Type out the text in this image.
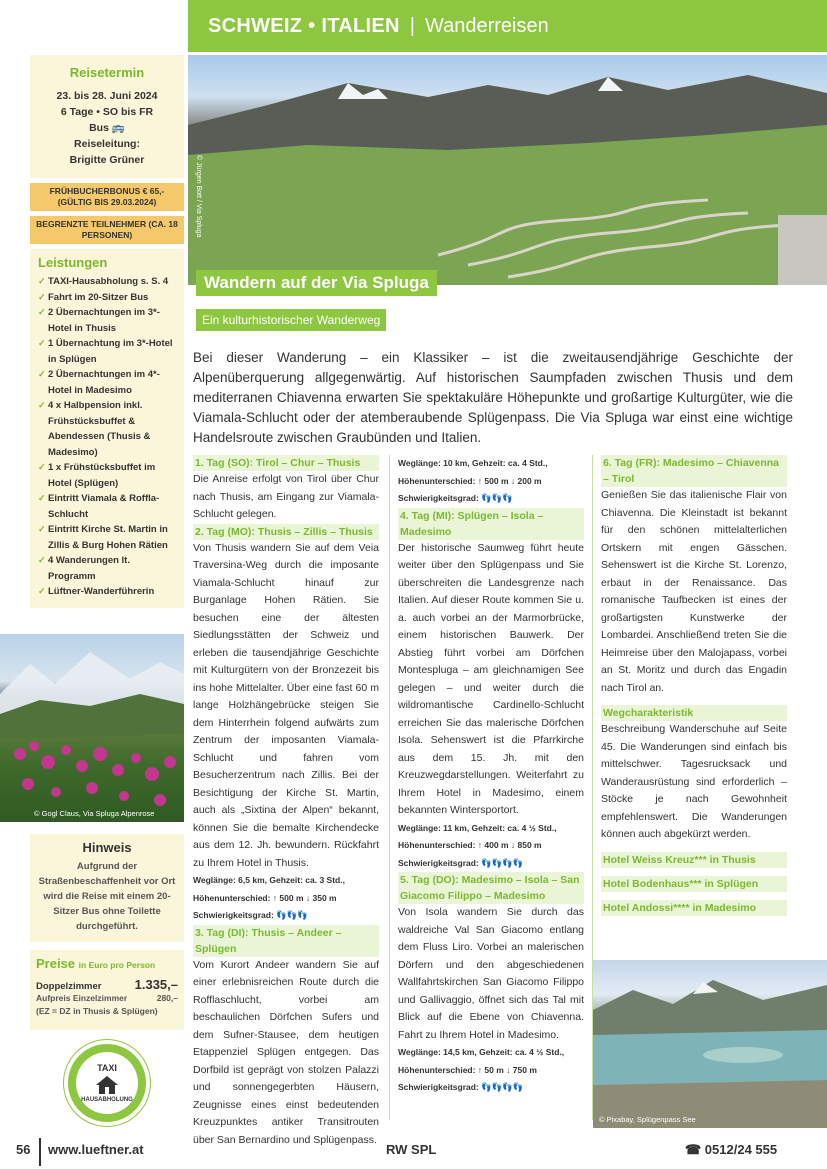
SCHWEIZ • ITALIEN | Wanderreisen
Reisetermin
23. bis 28. Juni 2024
6 Tage • SO bis FR
Bus 🚌
Reiseleitung:
Brigitte Grüner
FRÜHBUCHERBONUS € 65,- (GÜLTIG BIS 29.03.2024)
BEGRENZTE TEILNEHMER (CA. 18 PERSONEN)
Leistungen
✓ TAXI-Hausabholung s. S. 4
✓ Fahrt im 20-Sitzer Bus
✓ 2 Übernachtungen im 3*-Hotel in Thusis
✓ 1 Übernachtung im 3*-Hotel in Splügen
✓ 2 Übernachtungen im 4*-Hotel in Madesimo
✓ 4 x Halbpension inkl. Frühstücksbuffet & Abendessen (Thusis & Madesimo)
✓ 1 x Frühstücksbuffet im Hotel (Splügen)
✓ Eintritt Viamala & Roffla-Schlucht
✓ Eintritt Kirche St. Martin in Zillis & Burg Hohen Rätien
✓ 4 Wanderungen lt. Programm
✓ Lüftner-Wanderführerin
© Gogl Claus, Via Spluga Alpenrose
Hinweis
Aufgrund der Straßenbeschaffenheit vor Ort wird die Reise mit einem 20-Sitzer Bus ohne Toilette durchgeführt.
Preise in Euro pro Person
Doppelzimmer	1.335,–
Aufpreis Einzelzimmer	280,–
(EZ = DZ in Thusis & Splügen)
TAXI
HAUSABHOLUNG
© Jürgen Bott / Via Spluga
Wandern auf der Via Spluga
Ein kulturhistorischer Wanderweg
Bei dieser Wanderung – ein Klassiker – ist die zweitausendjährige Geschichte der Alpenüberquerung allgegenwärtig. Auf historischen Saumpfaden zwischen Thusis und dem mediterranen Chiavenna erwarten Sie spektakuläre Höhepunkte und großartige Kulturgüter, wie die Viamala-Schlucht oder der atemberaubende Splügenpass. Die Via Spluga war einst eine wichtige Handelsroute zwischen Graubünden und Italien.
1. Tag (SO): Tirol – Chur – Thusis
Die Anreise erfolgt von Tirol über Chur nach Thusis, am Eingang zur Viamala-Schlucht gelegen.
2. Tag (MO): Thusis – Zillis – Thusis
Von Thusis wandern Sie auf dem Veia Traversina-Weg durch die imposante Viamala-Schlucht hinauf zur Burganlage Hohen Rätien. Sie besuchen eine der ältesten Siedlungsstätten der Schweiz und erleben die tausendjährige Geschichte mit Kulturgütern von der Bronzezeit bis ins hohe Mittelalter. Über eine fast 60 m lange Holzhängebrücke steigen Sie dem Hinterrhein folgend aufwärts zum Zentrum der imposanten Viamala-Schlucht und fahren vom Besucherzentrum nach Zillis. Bei der Besichtigung der Kirche St. Martin, auch als „Sixtina der Alpen“ bekannt, können Sie die bemalte Kirchendecke aus dem 12. Jh. bewundern. Rückfahrt zu Ihrem Hotel in Thusis.
Weglänge: 6,5 km, Gehzeit: ca. 3 Std.,
Höhenunterschied: ↑ 500 m ↓ 350 m
Schwierigkeitsgrad: 👣👣👣
3. Tag (DI): Thusis – Andeer – Splügen
Vom Kurort Andeer wandern Sie auf einer erlebnisreichen Route durch die Rofflaschlucht, vorbei am beschaulichen Dörfchen Sufers und dem Sufner-Stausee, dem heutigen Etappenziel Splügen entgegen. Das Dorfbild ist geprägt von stolzen Palazzi und sonnengegerbten Häusern, Zeugnisse eines einst bedeutenden Kreuzpunktes antiker Transitrouten über San Bernardino und Splügenpass.
Weglänge: 10 km, Gehzeit: ca. 4 Std.,
Höhenunterschied: ↑ 500 m ↓ 200 m
Schwierigkeitsgrad: 👣👣👣
4. Tag (MI): Splügen – Isola – Madesimo
Der historische Saumweg führt heute weiter über den Splügenpass und Sie überschreiten die Landesgrenze nach Italien. Auf dieser Route kommen Sie u. a. auch vorbei an der Marmorbrücke, einem historischen Bauwerk. Der Abstieg führt vorbei am Dörfchen Montespluga – am gleichnamigen See gelegen – und weiter durch die wildromantische Cardinello-Schlucht erreichen Sie das malerische Dörfchen Isola. Sehenswert ist die Pfarrkirche aus dem 15. Jh. mit den Kreuzwegdarstellungen. Weiterfahrt zu Ihrem Hotel in Madesimo, einem bekannten Wintersportort.
Weglänge: 11 km, Gehzeit: ca. 4 ½ Std.,
Höhenunterschied: ↑ 400 m ↓ 850 m
Schwierigkeitsgrad: 👣👣👣👣
5. Tag (DO): Madesimo – Isola – San Giacomo Filippo – Madesimo
Von Isola wandern Sie durch das waldreiche Val San Giacomo entlang dem Fluss Liro. Vorbei an malerischen Dörfern und den abgeschiedenen Wallfahrtskirchen San Giacomo Filippo und Gallivaggio, öffnet sich das Tal mit Blick auf die Ebene von Chiavenna. Fahrt zu Ihrem Hotel in Madesimo.
Weglänge: 14,5 km, Gehzeit: ca. 4 ½ Std.,
Höhenunterschied: ↑ 50 m ↓ 750 m
Schwierigkeitsgrad: 👣👣👣👣
6. Tag (FR): Madesimo – Chiavenna – Tirol
Genießen Sie das italienische Flair von Chiavenna. Die Kleinstadt ist bekannt für den schönen mittelalterlichen Ortskern mit engen Gässchen. Sehenswert ist die Kirche St. Lorenzo, erbaut in der Renaissance. Das romanische Taufbecken ist eines der großartigsten Kunstwerke der Lombardei. Anschließend treten Sie die Heimreise über den Malojapass, vorbei an St. Moritz und durch das Engadin nach Tirol an.
Wegcharakteristik
Beschreibung Wanderschuhe auf Seite 45. Die Wanderungen sind einfach bis mittelschwer. Tagesrucksack und Wanderausrüstung sind erforderlich – Stöcke je nach Gewohnheit empfehlenswert. Die Wanderungen können auch abgekürzt werden.
Hotel Weiss Kreuz*** in Thusis
Hotel Bodenhaus*** in Splügen
Hotel Andossi**** in Madesimo
© Pixabay, Splügenpass See
56 www.lueftner.at	RW SPL	☎ 0512/24 555
